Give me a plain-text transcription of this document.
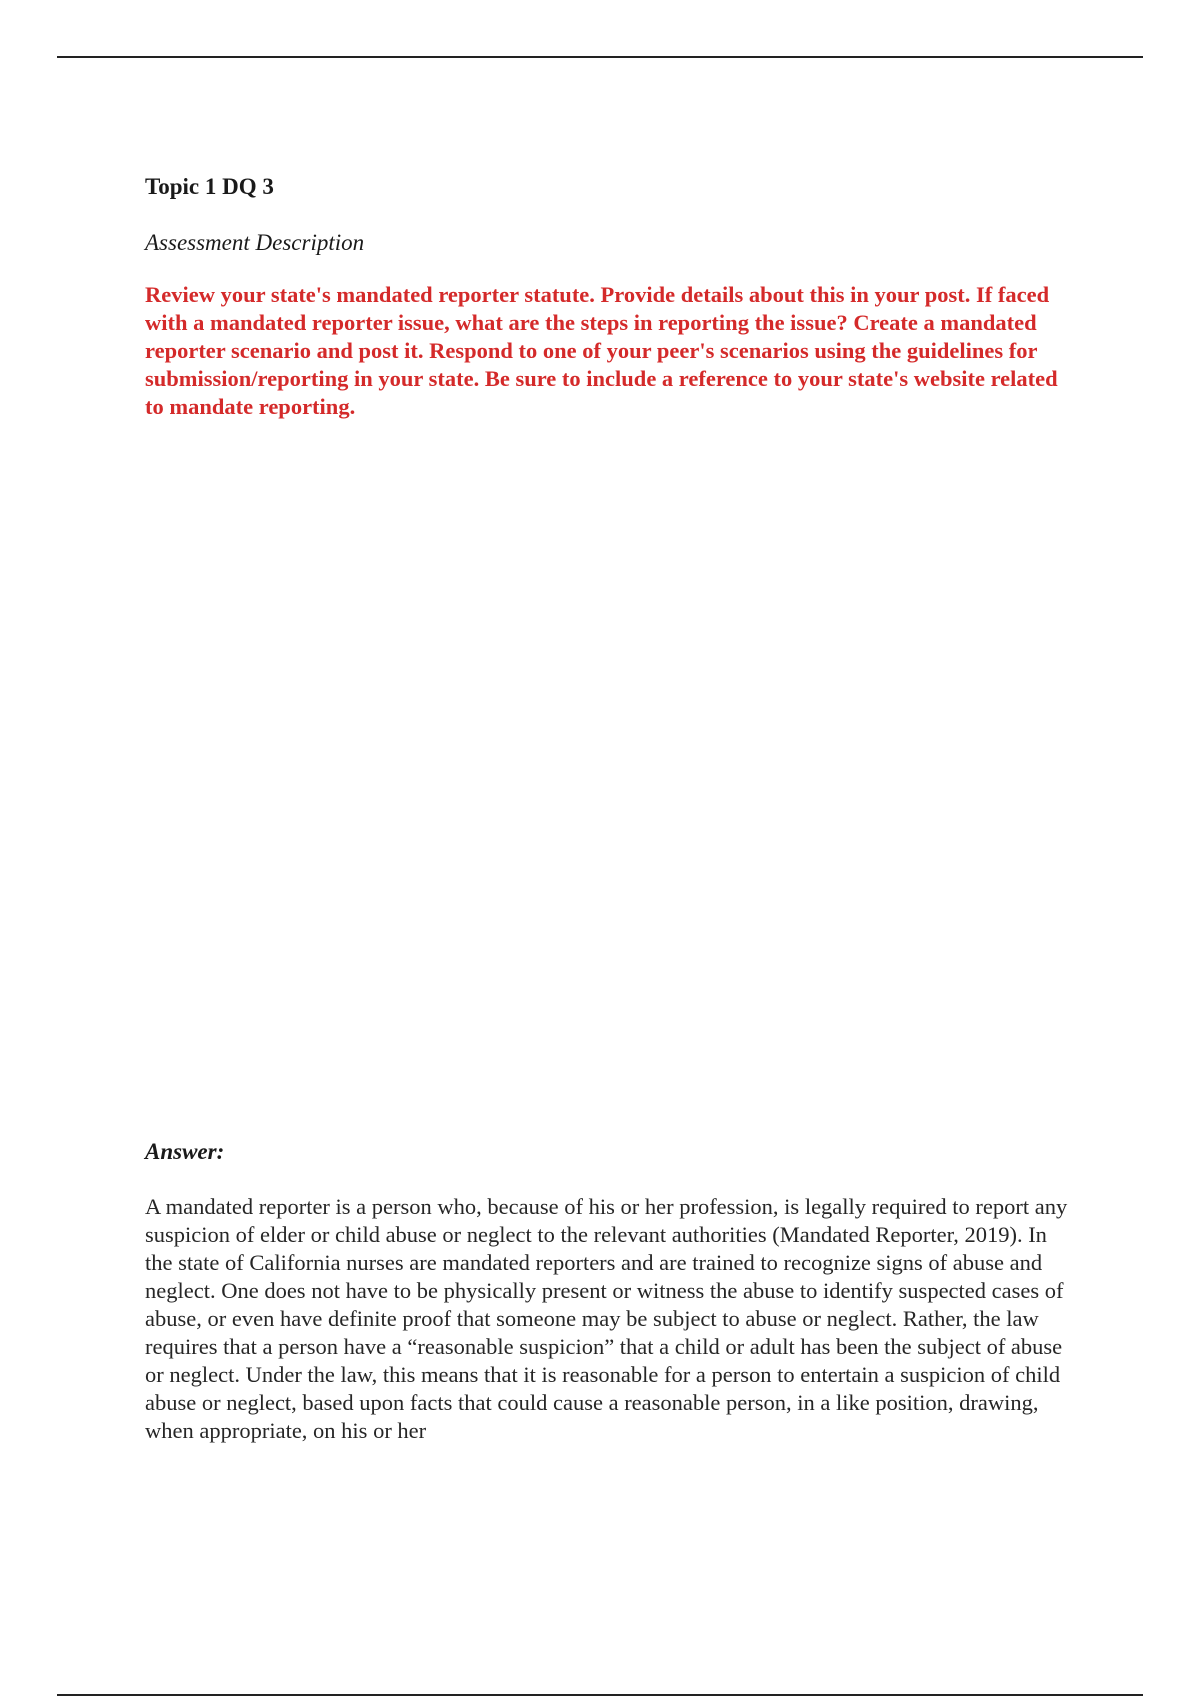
Topic 1 DQ 3

Assessment Description

Review your state's mandated reporter statute. Provide details about this in your post. If faced with a mandated reporter issue, what are the steps in reporting the issue? Create a mandated reporter scenario and post it. Respond to one of your peer's scenarios using the guidelines for submission/reporting in your state. Be sure to include a reference to your state's website related to mandate reporting.

Answer:

A mandated reporter is a person who, because of his or her profession, is legally required to report any suspicion of elder or child abuse or neglect to the relevant authorities (Mandated Reporter, 2019). In the state of California nurses are mandated reporters and are trained to recognize signs of abuse and neglect. One does not have to be physically present or witness the abuse to identify suspected cases of abuse, or even have definite proof that someone may be subject to abuse or neglect. Rather, the law requires that a person have a “reasonable suspicion” that a child or adult has been the subject of abuse or neglect. Under the law, this means that it is reasonable for a person to entertain a suspicion of child abuse or neglect, based upon facts that could cause a reasonable person, in a like position, drawing, when appropriate, on his or her
